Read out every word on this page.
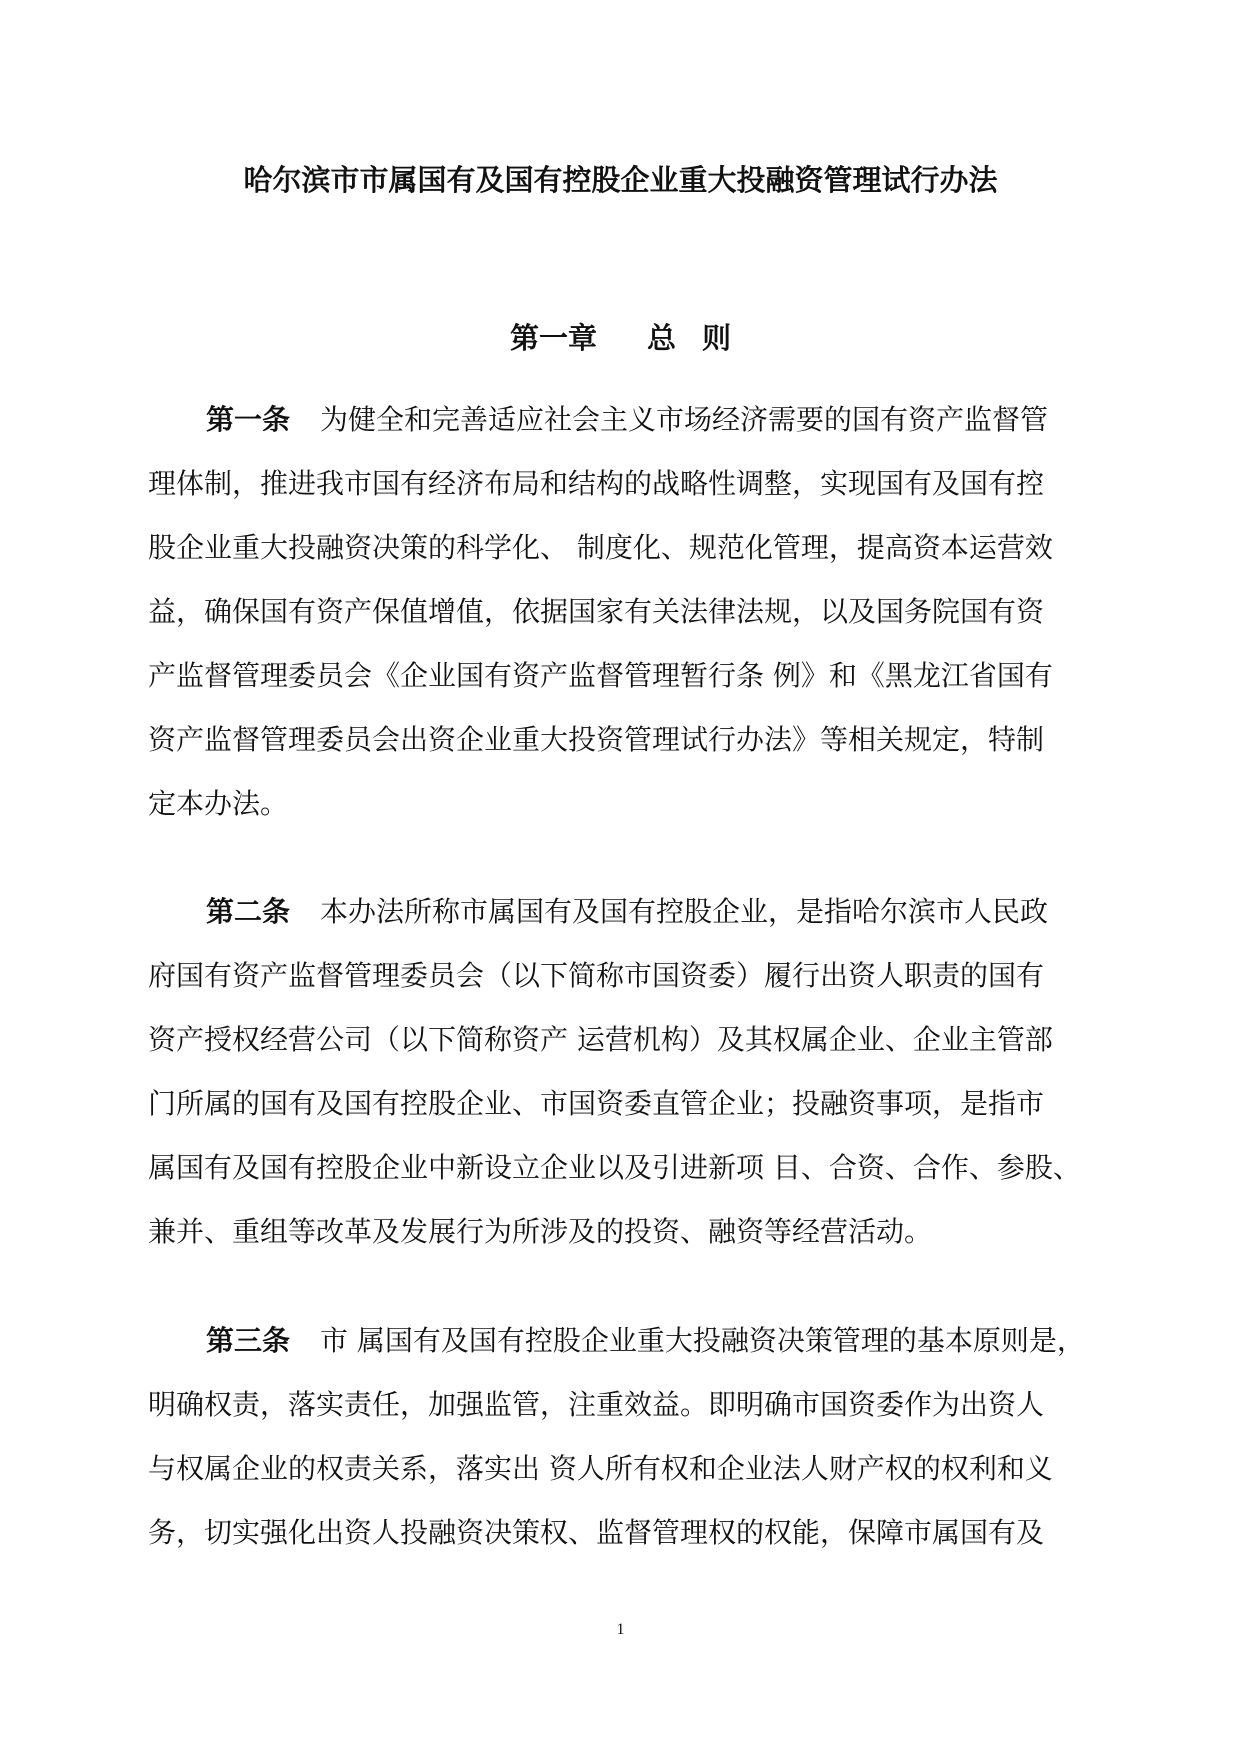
哈尔滨市市属国有及国有控股企业重大投融资管理试行办法
第一章 总 则
第一条 为健全和完善适应社会主义市场经济需要的国有资产监督管
理体制，推进我市国有经济布局和结构的战略性调整，实现国有及国有控
股企业重大投融资决策的科学化、 制度化、规范化管理，提高资本运营效
益，确保国有资产保值增值，依据国家有关法律法规，以及国务院国有资
产监督管理委员会《企业国有资产监督管理暂行条 例》和《黑龙江省国有
资产监督管理委员会出资企业重大投资管理试行办法》等相关规定，特制
定本办法。
第二条 本办法所称市属国有及国有控股企业，是指哈尔滨市人民政
府国有资产监督管理委员会（以下简称市国资委）履行出资人职责的国有
资产授权经营公司（以下简称资产 运营机构）及其权属企业、企业主管部
门所属的国有及国有控股企业、市国资委直管企业；投融资事项，是指市
属国有及国有控股企业中新设立企业以及引进新项 目、合资、合作、参股、
兼并、重组等改革及发展行为所涉及的投资、融资等经营活动。
第三条 市 属国有及国有控股企业重大投融资决策管理的基本原则是，
明确权责，落实责任，加强监管，注重效益。即明确市国资委作为出资人
与权属企业的权责关系，落实出 资人所有权和企业法人财产权的权利和义
务，切实强化出资人投融资决策权、监督管理权的权能，保障市属国有及
1
